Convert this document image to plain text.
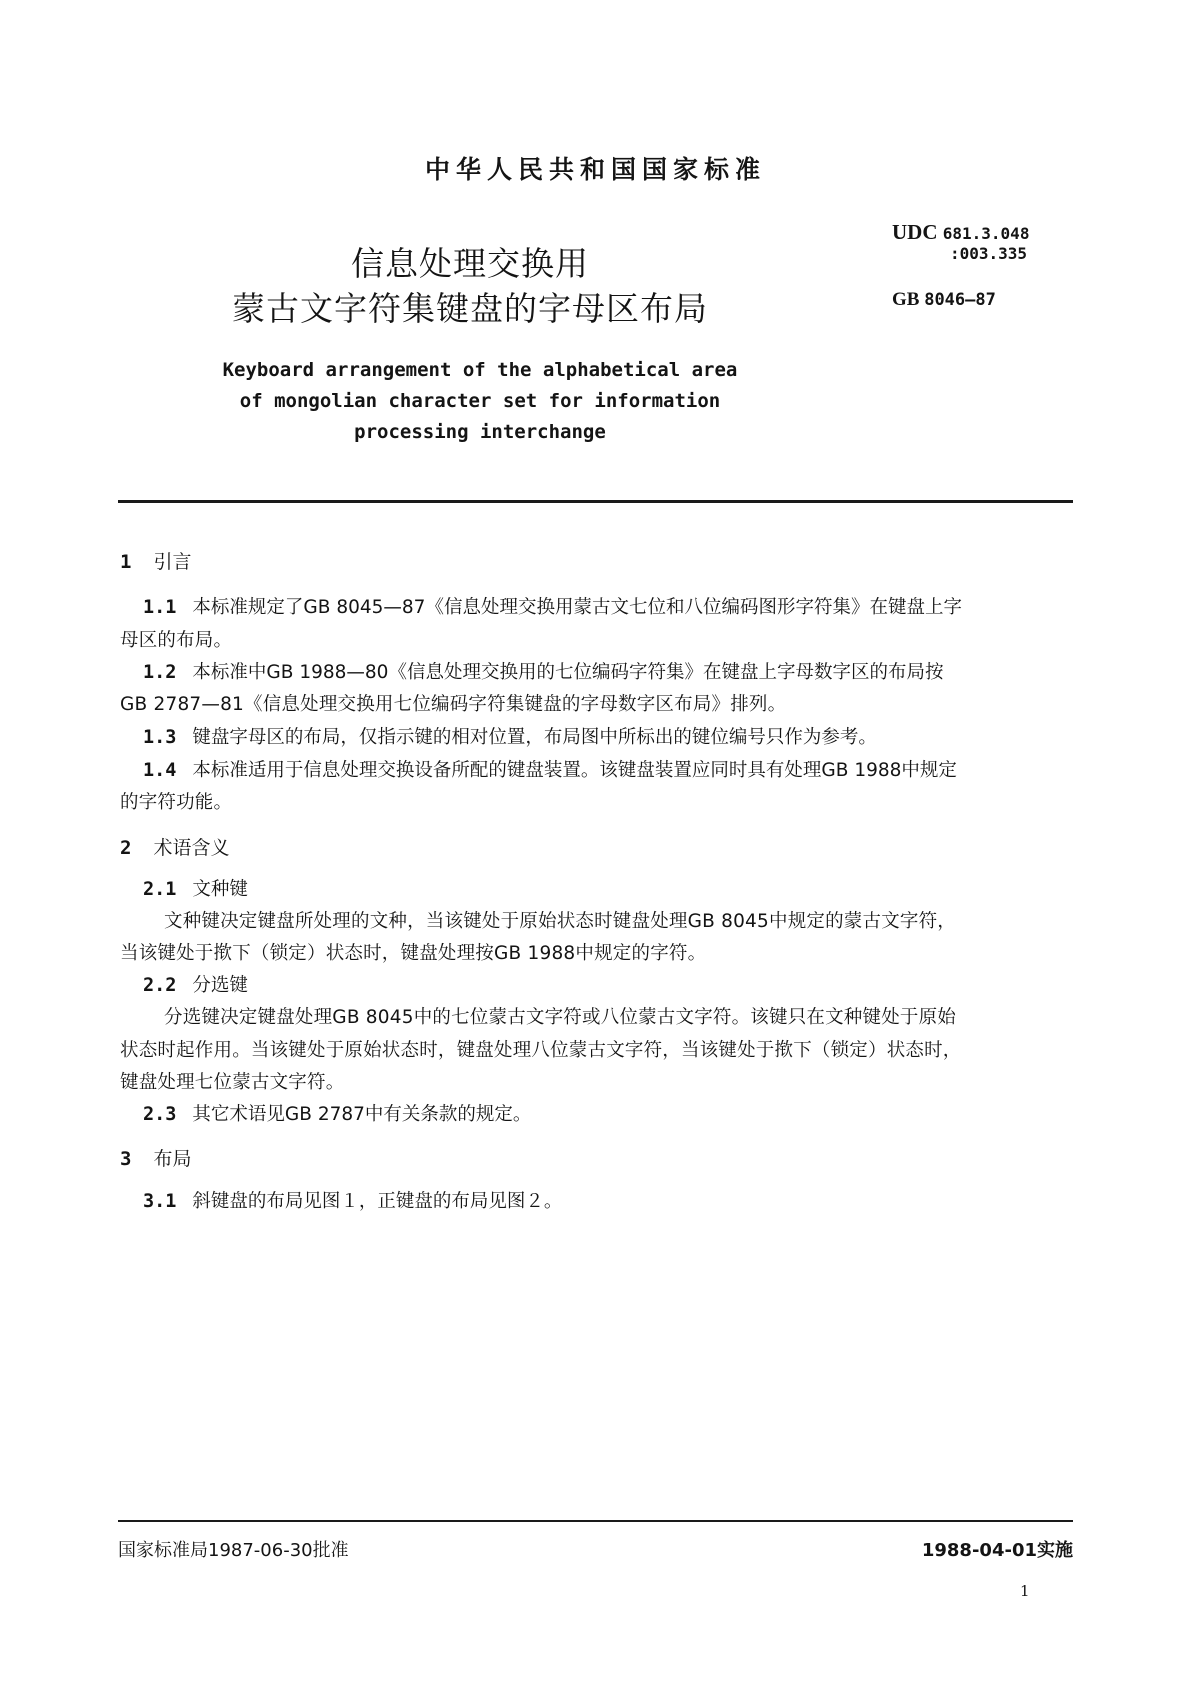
中华人民共和国国家标准
信息处理交换用
蒙古文字符集键盘的字母区布局
UDC 681.3.048
:003.335
GB 8046—87
Keyboard arrangement of the alphabetical area
of mongolian character set for information
processing interchange
1 引言
1.1 本标准规定了GB 8045—87《信息处理交换用蒙古文七位和八位编码图形字符集》在键盘上字
母区的布局。
1.2 本标准中GB 1988—80《信息处理交换用的七位编码字符集》在键盘上字母数字区的布局按
GB 2787—81《信息处理交换用七位编码字符集键盘的字母数字区布局》排列。
1.3 键盘字母区的布局，仅指示键的相对位置，布局图中所标出的键位编号只作为参考。
1.4 本标准适用于信息处理交换设备所配的键盘装置。该键盘装置应同时具有处理GB 1988中规定
的字符功能。
2 术语含义
2.1 文种键
文种键决定键盘所处理的文种，当该键处于原始状态时键盘处理GB 8045中规定的蒙古文字符，
当该键处于揿下（锁定）状态时，键盘处理按GB 1988中规定的字符。
2.2 分选键
分选键决定键盘处理GB 8045中的七位蒙古文字符或八位蒙古文字符。该键只在文种键处于原始
状态时起作用。当该键处于原始状态时，键盘处理八位蒙古文字符，当该键处于揿下（锁定）状态时，
键盘处理七位蒙古文字符。
2.3 其它术语见GB 2787中有关条款的规定。
3 布局
3.1 斜键盘的布局见图１，正键盘的布局见图２。
国家标准局1987-06-30批准	1988-04-01实施
1
